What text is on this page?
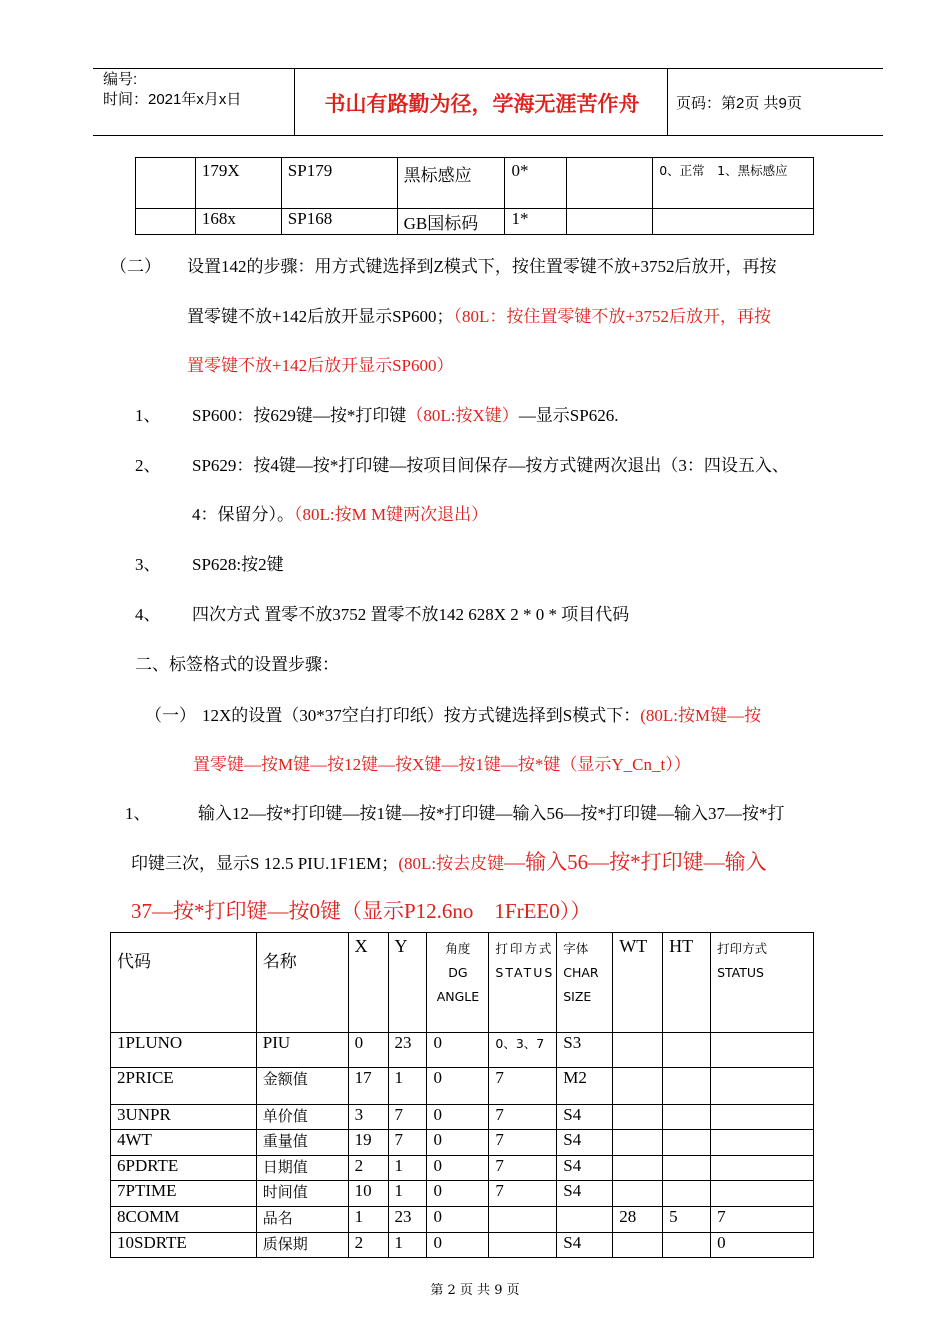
编号:
时间：2021年x月x日	书山有路勤为径，学海无涯苦作舟	页码：第2页 共9页
	179X	SP179	黑标感应	0*		0、正常　1、黑标感应
	168x	SP168	GB国标码	1*		
（二） 设置142的步骤：用方式键选择到Z模式下，按住置零键不放+3752后放开，再按
置零键不放+142后放开显示SP600；（80L：按住置零键不放+3752后放开，再按
置零键不放+142后放开显示SP600）
1、 SP600：按629键—按*打印键（80L:按X键）—显示SP626.
2、 SP629：按4键—按*打印键—按项目间保存—按方式键两次退出（3：四设五入、
4：保留分）。（80L:按M M键两次退出）
3、 SP628:按2键
4、 四次方式 置零不放3752 置零不放142 628X 2 * 0 * 项目代码
二、标签格式的设置步骤：
（一） 12X的设置（30*37空白打印纸）按方式键选择到S模式下：(80L:按M键—按
置零键—按M键—按12键—按X键—按1键—按*键（显示Y_Cn_t））
1、	输入12—按*打印键—按1键—按*打印键—输入56—按*打印键—输入37—按*打
印键三次，显示S 12.5 PIU.1F1EM；(80L:按去皮键—输入56—按*打印键—输入
37—按*打印键—按0键（显示P12.6no　1FrEE0））
代码	名称	X	Y	角度
DG
ANGLE	打印方式
STATUS	字体
CHAR
SIZE	WT	HT	打印方式
STATUS
1PLUNO	PIU	0	23	0	0、3、7	S3			
2PRICE	金额值	17	1	0	7	M2			
3UNPR	单价值	3	7	0	7	S4			
4WT	重量值	19	7	0	7	S4			
6PDRTE	日期值	2	1	0	7	S4			
7PTIME	时间值	10	1	0	7	S4			
8COMM	品名	1	23	0			28	5	7
10SDRTE	质保期	2	1	0		S4			0
第 2 页 共 9 页
